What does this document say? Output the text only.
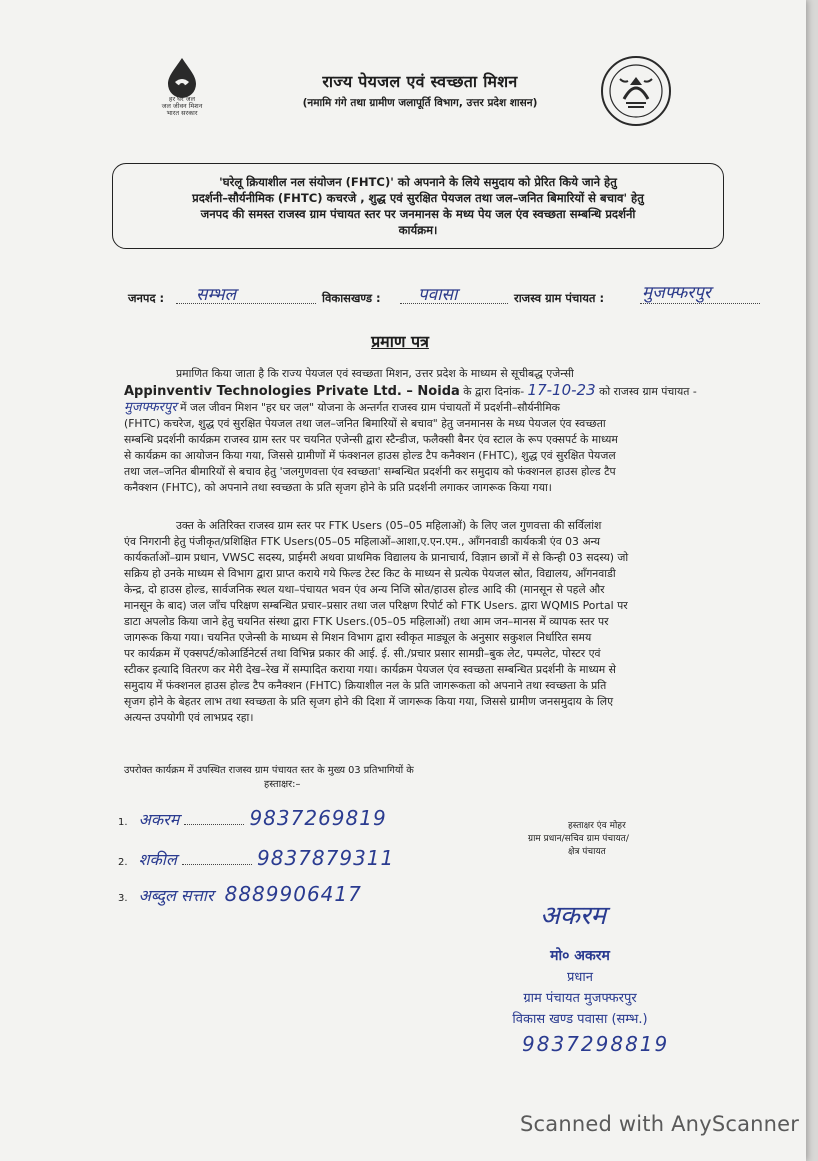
हर घर जल
जल जीवन मिशन
भारत सरकार
राज्य पेयजल एवं स्वच्छता मिशन
(नमामि गंगे तथा ग्रामीण जलापूर्ति विभाग, उत्तर प्रदेश शासन)
'घरेलू क्रियाशील नल संयोजन (FHTC)' को अपनाने के लिये समुदाय को प्रेरित किये जाने हेतु
प्रदर्शनी–सौर्यनीमिक (FHTC) कचरजे , शुद्ध एवं सुरक्षित पेयजल तथा जल–जनित बिमारियों से बचाव' हेतु
जनपद की समस्त राजस्व ग्राम पंचायत स्तर पर जनमानस के मध्य पेय जल एंव स्वच्छता सम्बन्धि प्रदर्शनी
कार्यक्रम।
जनपद : सम्भल	विकासखण्ड : पवासा	राजस्व ग्राम पंचायत : मुजफ्फरपुर
प्रमाण पत्र
प्रमाणित किया जाता है कि राज्य पेयजल एवं स्वच्छता मिशन, उत्तर प्रदेश के माध्यम से सूचीबद्ध एजेन्सी
Appinventiv Technologies Private Ltd. – Noida के द्वारा दिनांक- 17-10-23 को राजस्व ग्राम पंचायत -
मुजफ्फरपुर में जल जीवन मिशन "हर घर जल" योजना के अन्तर्गत राजस्व ग्राम पंचायतों में प्रदर्शनी–सौर्यनीमिक
(FHTC) कचरेज, शुद्ध एवं सुरक्षित पेयजल तथा जल–जनित बिमारियों से बचाव" हेतु जनमानस के मध्य पेयजल एंव स्वच्छता
सम्बन्धि प्रदर्शनी कार्यक्रम राजस्व ग्राम स्तर पर चयनित एजेन्सी द्वारा स्टैन्डीज, फलैक्सी बैनर एंव स्टाल के रूप एक्सपर्ट के माध्यम
से कार्यक्रम का आयोजन किया गया, जिससे ग्रामीणों में फंक्शनल हाउस होल्ड टैप कनैक्शन (FHTC), शुद्ध एवं सुरक्षित पेयजल
तथा जल–जनित बीमारियों से बचाव हेतु 'जलगुणवत्ता एंव स्वच्छता' सम्बन्धित प्रदर्शनी कर समुदाय को फंक्शनल हाउस होल्ड टैप
कनैक्शन (FHTC), को अपनाने तथा स्वच्छता के प्रति सृजग होने के प्रति प्रदर्शनी लगाकर जागरूक किया गया।
उक्त के अतिरिक्त राजस्व ग्राम स्तर पर FTK Users (05–05 महिलाओं) के लिए जल गुणवत्ता की सर्विलांश
एंव निगरानी हेतु पंजीकृत/प्रशिक्षित FTK Users(05–05 महिलाओं–आशा,ए.एन.एम., आँगनवाडी कार्यकत्री एंव 03 अन्य
कार्यकर्ताओं–ग्राम प्रधान, VWSC सदस्य, प्राईमरी अथवा प्राथमिक विद्यालय के प्रानाचार्य, विज्ञान छात्रों में से किन्ही 03 सदस्य) जो
सक्रिय हो उनके माध्यम से विभाग द्वारा प्राप्त कराये गये फिल्ड टेस्ट किट के माध्यन से प्रत्येक पेयजल स्रोत, विद्यालय, आँगनवाडी
केन्द्र, दो हाउस होल्ड, सार्वजनिक स्थल यथा–पंचायत भवन एंव अन्य निजि स्रोत/हाउस होल्ड आदि की (मानसून से पहले और
मानसून के बाद) जल जाँच परिक्षण सम्बन्धित प्रचार–प्रसार तथा जल परिक्षण रिपोर्ट को FTK Users. द्वारा WQMIS Portal पर
डाटा अपलोड किया जाने हेतु चयनित संस्था द्वारा FTK Users.(05–05 महिलाओं) तथा आम जन–मानस में व्यापक स्तर पर
जागरूक किया गया। चयनित एजेन्सी के माध्यम से मिशन विभाग द्वारा स्वीकृत माड्यूल के अनुसार सकुशल निर्धारित समय
पर कार्यक्रम में एक्सपर्ट/कोआर्डिनेटर्स तथा विभिन्न प्रकार की आई. ई. सी./प्रचार प्रसार सामग्री–बुक लेट, पम्पलेट, पोस्टर एवं
स्टीकर इत्यादि वितरण कर मेरी देख–रेख में सम्पादित कराया गया। कार्यक्रम पेयजल एंव स्वच्छता सम्बन्धित प्रदर्शनी के माध्यम से
समुदाय में फंक्शनल हाउस होल्ड टैप कनैक्शन (FHTC) क्रियाशील नल के प्रति जागरूकता को अपनाने तथा स्वच्छता के प्रति
सृजग होने के बेहतर लाभ तथा स्वच्छता के प्रति सृजग होने की दिशा में जागरूक किया गया, जिससे ग्रामीण जनसमुदाय के लिए
अत्यन्त उपयोगी एवं लाभप्रद रहा।
उपरोक्त कार्यक्रम में उपस्थित राजस्व ग्राम पंचायत स्तर के मुख्य 03 प्रतिभागियों के
हस्ताक्षर:–
1. अकरम	9837269819
2. शकील	9837879311
3. अब्दुल सत्तार 8889906417
हस्ताक्षर एंव मोहर
ग्राम प्रधान/सचिव ग्राम पंचायत/
क्षेत्र पंचायत
अकरम
मो० अकरम
प्रधान
ग्राम पंचायत मुजफ्फरपुर
विकास खण्ड पवासा (सम्भ.)
9837298819
Scanned with AnyScanner
